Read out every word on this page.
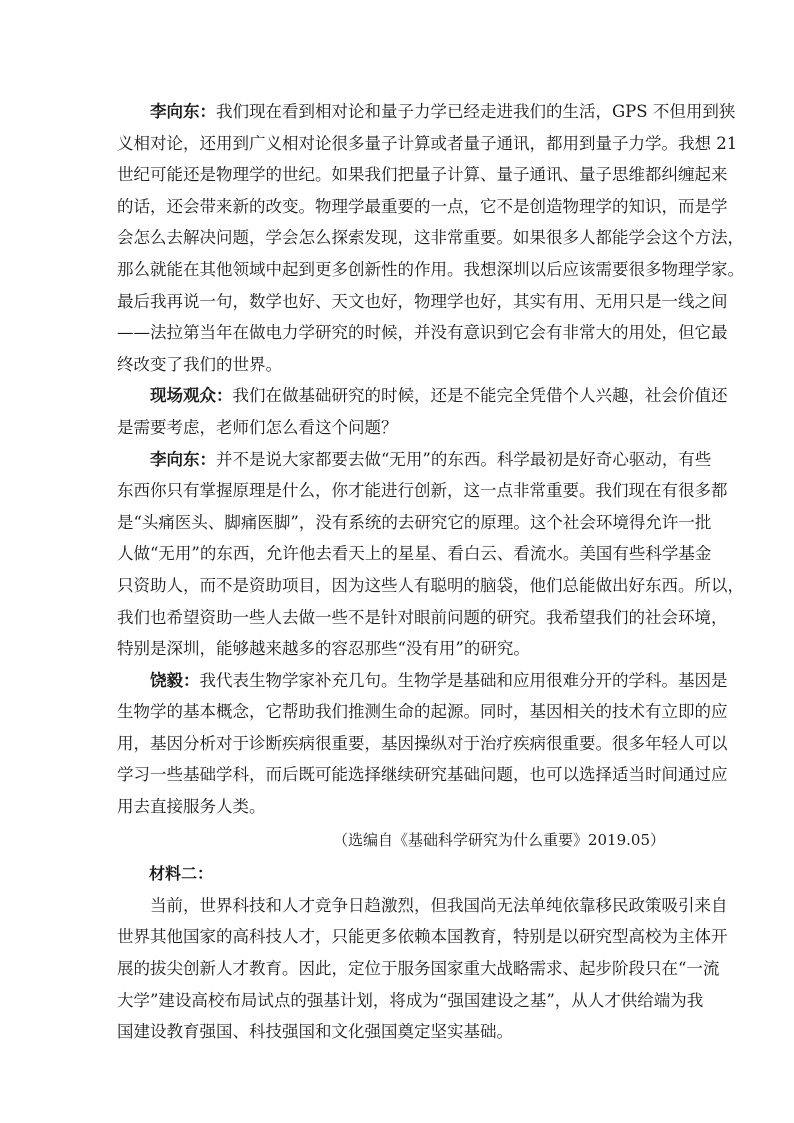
李向东：我们现在看到相对论和量子力学已经走进我们的生活，GPS 不但用到狭
义相对论，还用到广义相对论很多量子计算或者量子通讯，都用到量子力学。我想 21
世纪可能还是物理学的世纪。如果我们把量子计算、量子通讯、量子思维都纠缠起来
的话，还会带来新的改变。物理学最重要的一点，它不是创造物理学的知识，而是学
会怎么去解决问题，学会怎么探索发现，这非常重要。如果很多人都能学会这个方法，
那么就能在其他领域中起到更多创新性的作用。我想深圳以后应该需要很多物理学家。
最后我再说一句，数学也好、天文也好，物理学也好，其实有用、无用只是一线之间
——法拉第当年在做电力学研究的时候，并没有意识到它会有非常大的用处，但它最
终改变了我们的世界。

现场观众：我们在做基础研究的时候，还是不能完全凭借个人兴趣，社会价值还
是需要考虑，老师们怎么看这个问题？

李向东：并不是说大家都要去做“无用”的东西。科学最初是好奇心驱动，有些
东西你只有掌握原理是什么，你才能进行创新，这一点非常重要。我们现在有很多都
是“头痛医头、脚痛医脚”，没有系统的去研究它的原理。这个社会环境得允许一批
人做“无用”的东西，允许他去看天上的星星、看白云、看流水。美国有些科学基金
只资助人，而不是资助项目，因为这些人有聪明的脑袋，他们总能做出好东西。所以，
我们也希望资助一些人去做一些不是针对眼前问题的研究。我希望我们的社会环境，
特别是深圳，能够越来越多的容忍那些“没有用”的研究。

饶毅：我代表生物学家补充几句。生物学是基础和应用很难分开的学科。基因是
生物学的基本概念，它帮助我们推测生命的起源。同时，基因相关的技术有立即的应
用，基因分析对于诊断疾病很重要，基因操纵对于治疗疾病很重要。很多年轻人可以
学习一些基础学科，而后既可能选择继续研究基础问题，也可以选择适当时间通过应
用去直接服务人类。

（选编自《基础科学研究为什么重要》2019.05）

材料二：

当前，世界科技和人才竞争日趋激烈，但我国尚无法单纯依靠移民政策吸引来自
世界其他国家的高科技人才，只能更多依赖本国教育，特别是以研究型高校为主体开
展的拔尖创新人才教育。因此，定位于服务国家重大战略需求、起步阶段只在“一流
大学”建设高校布局试点的强基计划，将成为“强国建设之基”，从人才供给端为我
国建设教育强国、科技强国和文化强国奠定坚实基础。
